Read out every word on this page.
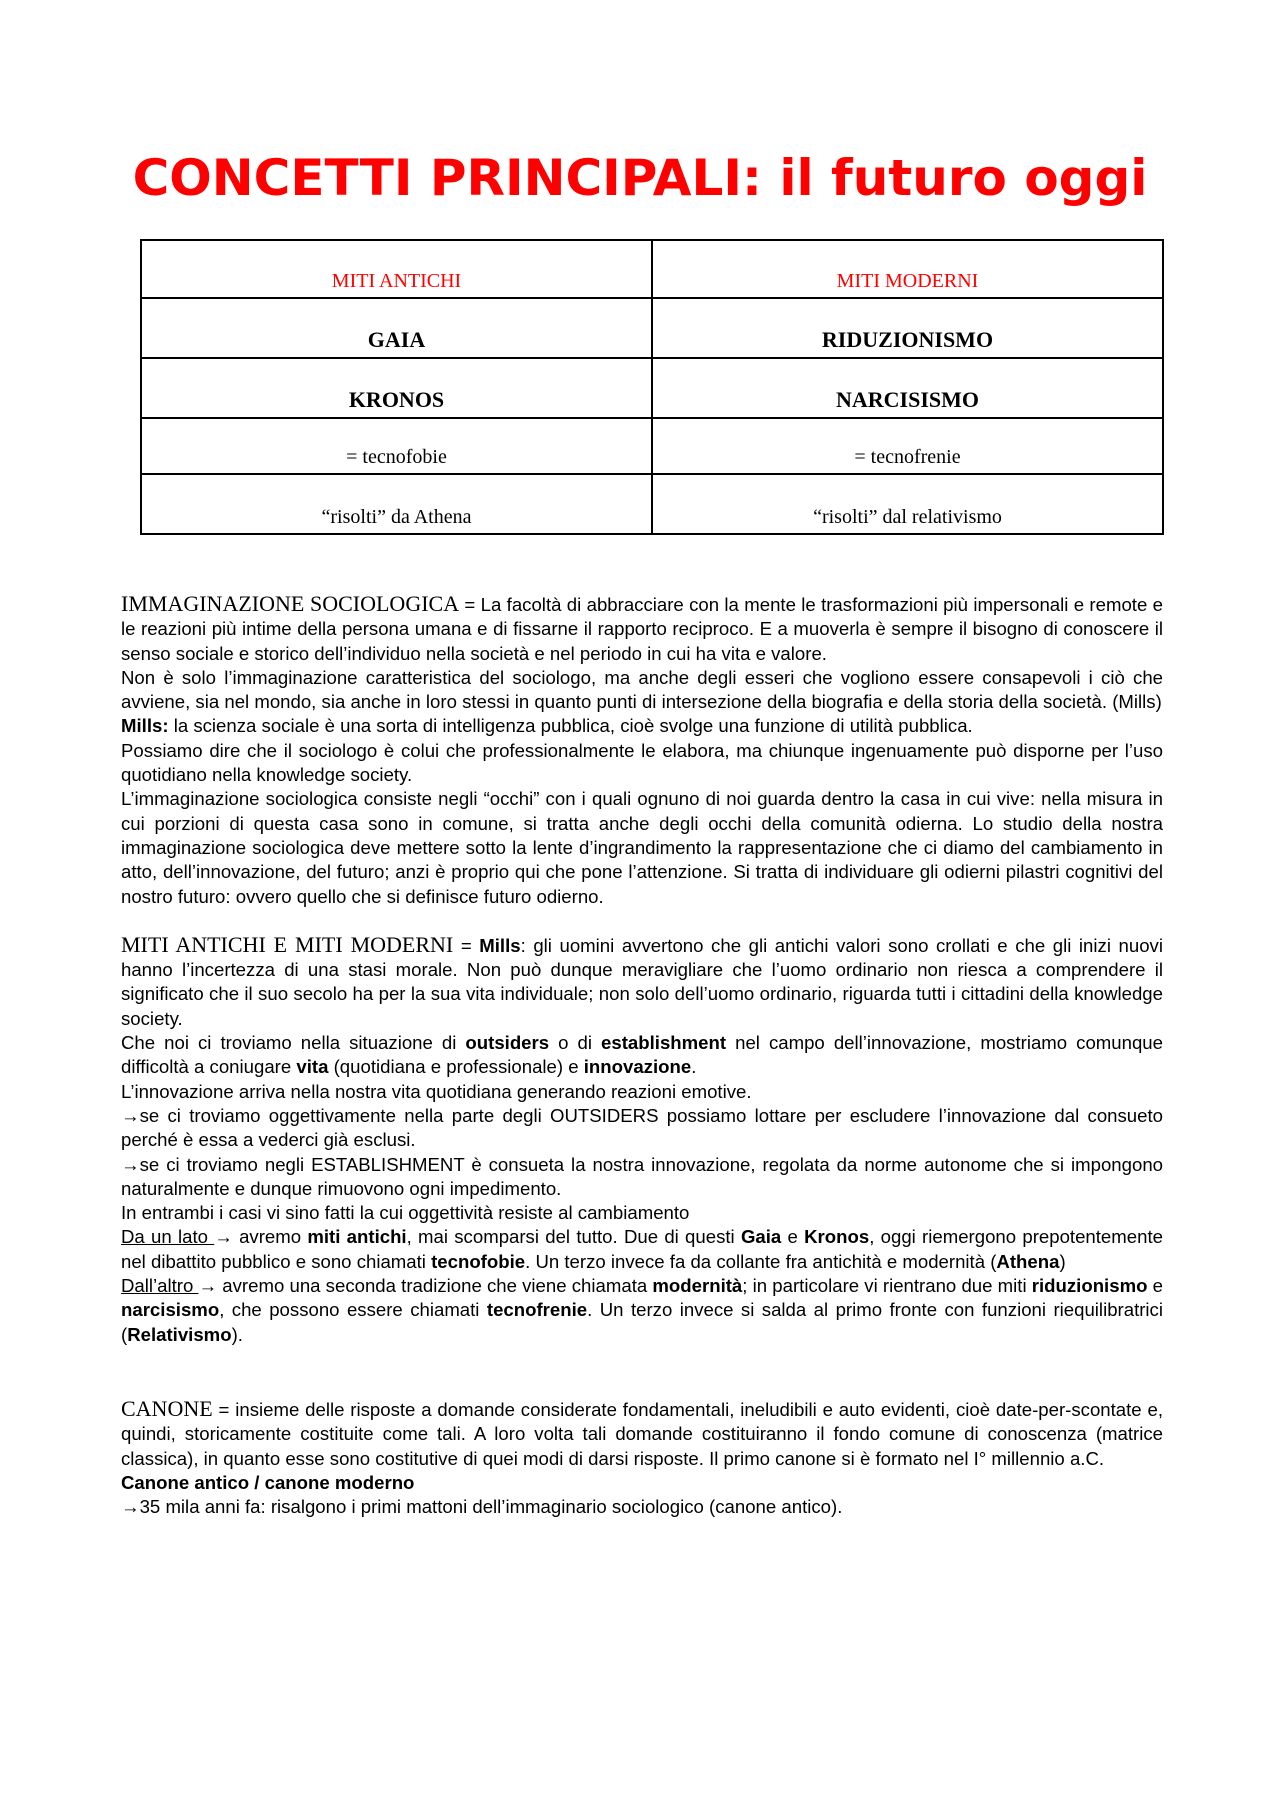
CONCETTI PRINCIPALI: il futuro oggi
MITI ANTICHI	MITI MODERNI
GAIA	RIDUZIONISMO
KRONOS	NARCISISMO
= tecnofobie	= tecnofrenie
“risolti” da Athena	“risolti” dal relativismo

IMMAGINAZIONE SOCIOLOGICA = La facoltà di abbracciare con la mente le trasformazioni più impersonali e remote e le reazioni più intime della persona umana e di fissarne il rapporto reciproco. E a muoverla è sempre il bisogno di conoscere il senso sociale e storico dell’individuo nella società e nel periodo in cui ha vita e valore.

Non è solo l’immaginazione caratteristica del sociologo, ma anche degli esseri che vogliono essere consapevoli i ciò che avviene, sia nel mondo, sia anche in loro stessi in quanto punti di intersezione della biografia e della storia della società. (Mills)

Mills: la scienza sociale è una sorta di intelligenza pubblica, cioè svolge una funzione di utilità pubblica.

Possiamo dire che il sociologo è colui che professionalmente le elabora, ma chiunque ingenuamente può disporne per l’uso quotidiano nella knowledge society.

L’immaginazione sociologica consiste negli “occhi” con i quali ognuno di noi guarda dentro la casa in cui vive: nella misura in cui porzioni di questa casa sono in comune, si tratta anche degli occhi della comunità odierna. Lo studio della nostra immaginazione sociologica deve mettere sotto la lente d’ingrandimento la rappresentazione che ci diamo del cambiamento in atto, dell’innovazione, del futuro; anzi è proprio qui che pone l’attenzione. Si tratta di individuare gli odierni pilastri cognitivi del nostro futuro: ovvero quello che si definisce futuro odierno.

MITI ANTICHI E MITI MODERNI = Mills: gli uomini avvertono che gli antichi valori sono crollati e che gli inizi nuovi hanno l’incertezza di una stasi morale. Non può dunque meravigliare che l’uomo ordinario non riesca a comprendere il significato che il suo secolo ha per la sua vita individuale; non solo dell’uomo ordinario, riguarda tutti i cittadini della knowledge society.

Che noi ci troviamo nella situazione di outsiders o di establishment nel campo dell’innovazione, mostriamo comunque difficoltà a coniugare vita (quotidiana e professionale) e innovazione.

L’innovazione arriva nella nostra vita quotidiana generando reazioni emotive.

→se ci troviamo oggettivamente nella parte degli OUTSIDERS possiamo lottare per escludere l’innovazione dal consueto perché è essa a vederci già esclusi.

→se ci troviamo negli ESTABLISHMENT è consueta la nostra innovazione, regolata da norme autonome che si impongono naturalmente e dunque rimuovono ogni impedimento.

In entrambi i casi vi sino fatti la cui oggettività resiste al cambiamento

Da un lato → avremo miti antichi, mai scomparsi del tutto. Due di questi Gaia e Kronos, oggi riemergono prepotentemente nel dibattito pubblico e sono chiamati tecnofobie. Un terzo invece fa da collante fra antichità e modernità (Athena)

Dall’altro → avremo una seconda tradizione che viene chiamata modernità; in particolare vi rientrano due miti riduzionismo e narcisismo, che possono essere chiamati tecnofrenie. Un terzo invece si salda al primo fronte con funzioni riequilibratrici (Relativismo).

CANONE = insieme delle risposte a domande considerate fondamentali, ineludibili e auto evidenti, cioè date-per-scontate e, quindi, storicamente costituite come tali. A loro volta tali domande costituiranno il fondo comune di conoscenza (matrice classica), in quanto esse sono costitutive di quei modi di darsi risposte. Il primo canone si è formato nel I° millennio a.C.

Canone antico / canone moderno

→35 mila anni fa: risalgono i primi mattoni dell’immaginario sociologico (canone antico).
